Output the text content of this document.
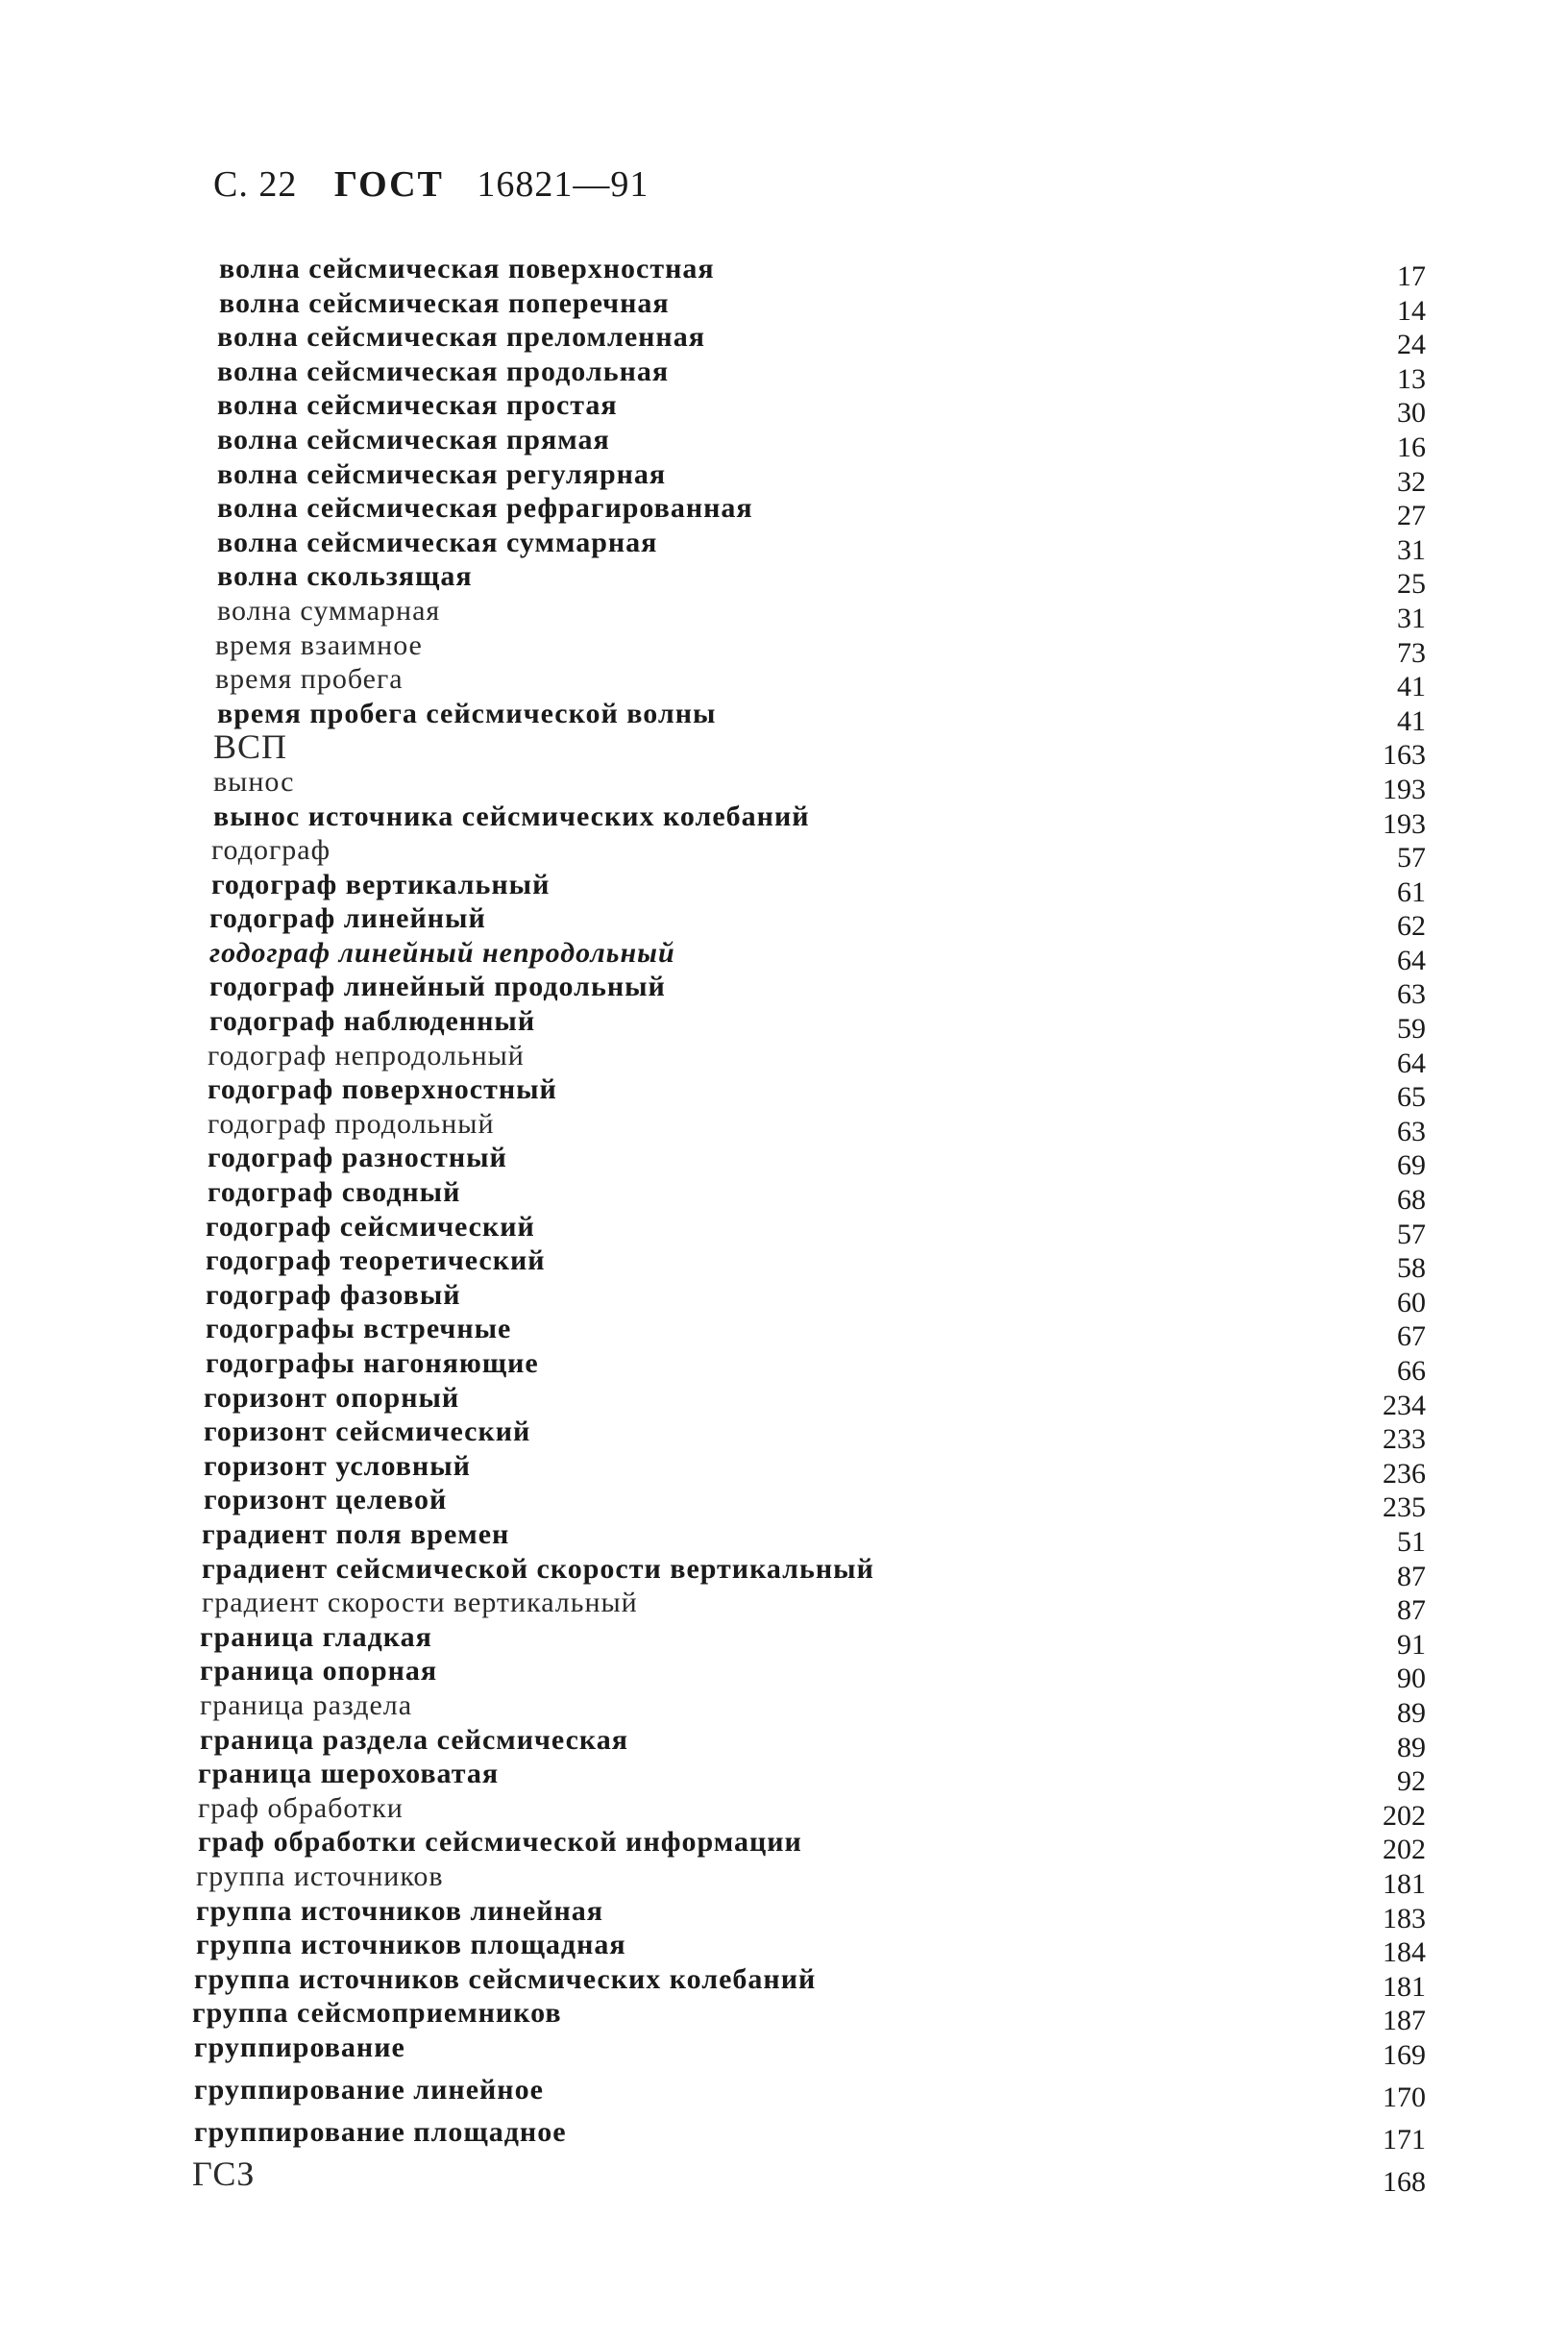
С. 22 ГОСТ 16821—91
волна сейсмическая поверхностная	17
волна сейсмическая поперечная	14
волна сейсмическая преломленная	24
волна сейсмическая продольная	13
волна сейсмическая простая	30
волна сейсмическая прямая	16
волна сейсмическая регулярная	32
волна сейсмическая рефрагированная	27
волна сейсмическая суммарная	31
волна скользящая	25
волна суммарная	31
время взаимное	73
время пробега	41
время пробега сейсмической волны	41
ВСП	163
вынос	193
вынос источника сейсмических колебаний	193
годограф	57
годограф вертикальный	61
годограф линейный	62
годограф линейный непродольный	64
годограф линейный продольный	63
годограф наблюденный	59
годограф непродольный	64
годограф поверхностный	65
годограф продольный	63
годограф разностный	69
годограф сводный	68
годограф сейсмический	57
годограф теоретический	58
годограф фазовый	60
годографы встречные	67
годографы нагоняющие	66
горизонт опорный	234
горизонт сейсмический	233
горизонт условный	236
горизонт целевой	235
градиент поля времен	51
градиент сейсмической скорости вертикальный	87
градиент скорости вертикальный	87
граница гладкая	91
граница опорная	90
граница раздела	89
граница раздела сейсмическая	89
граница шероховатая	92
граф обработки	202
граф обработки сейсмической информации	202
группа источников	181
группа источников линейная	183
группа источников площадная	184
группа источников сейсмических колебаний	181
группа сейсмоприемников	187
группирование	169
группирование линейное	170
группирование площадное	171
ГСЗ	168
